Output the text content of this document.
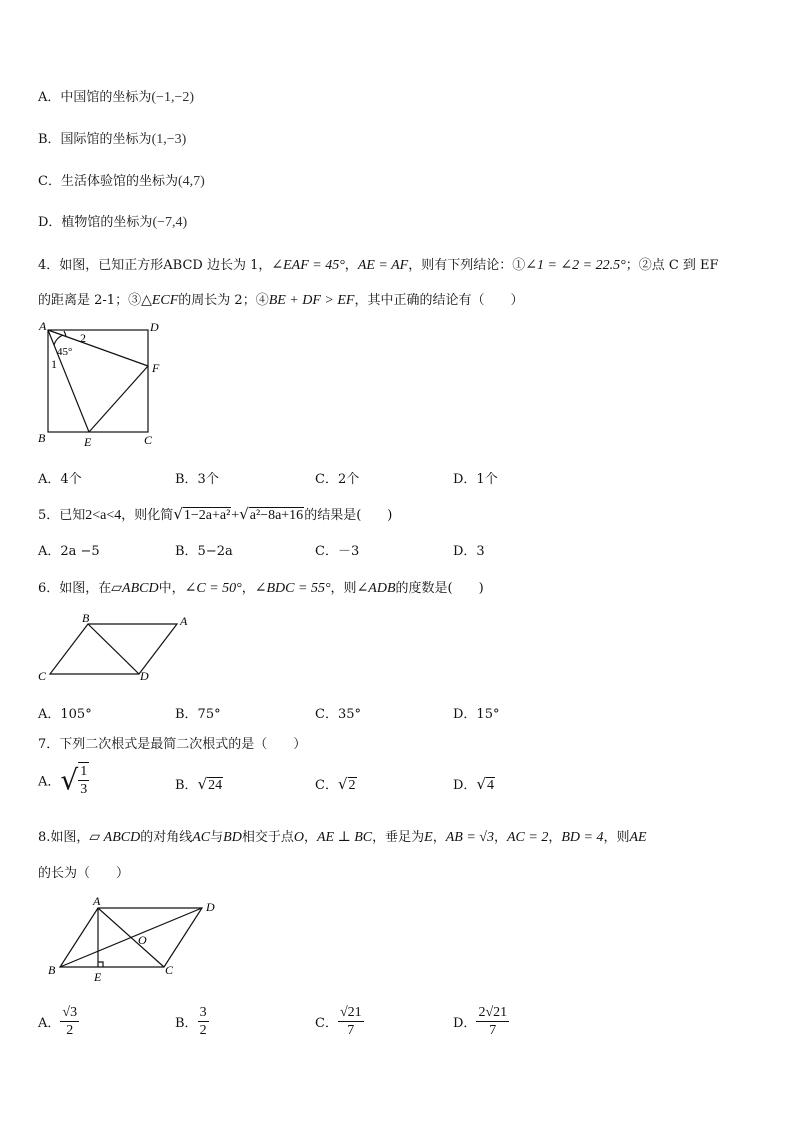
A．中国馆的坐标为(−1,−2)
B．国际馆的坐标为(1,−3)
C．生活体验馆的坐标为(4,7)
D．植物馆的坐标为(−7,4)
4．如图，已知正方形ABCD 边长为 1，∠EAF = 45°，AE = AF，则有下列结论：①∠1 = ∠2 = 22.5°；②点 C 到 EF
的距离是 2-1；③△ECF的周长为 2；④BE + DF > EF，其中正确的结论有（　　）
A	D
B	C
E
F
1
2
45°
A．4个	B．3个	C．2个	D．1个
5．已知2<a<4，则化简√1−2a+a²+√a²−8a+16的结果是(　　)
A．2a −5	B．5−2a	C．－3	D．3
6．如图，在▱ABCD中，∠C = 50°，∠BDC = 55°，则∠ADB的度数是(　　)
B	A
C	D
A．105°	B．75°	C．35°	D．15°
7．下列二次根式是最简二次根式的是（　　）
A．√ $\frac{1}{3}$	B．√24	C．√2	D．√4
8.如图，▱ ABCD的对角线AC与BD相交于点O，AE ⊥ BC，垂足为E，AB = √3，AC = 2，BD = 4，则AE
的长为（　　）
A	D
B	C
E
O
A． $\frac{√3}{2}$	B． $\frac{3}{2}$	C． $\frac{√21}{7}$	D． $\frac{2√21}{7}$
